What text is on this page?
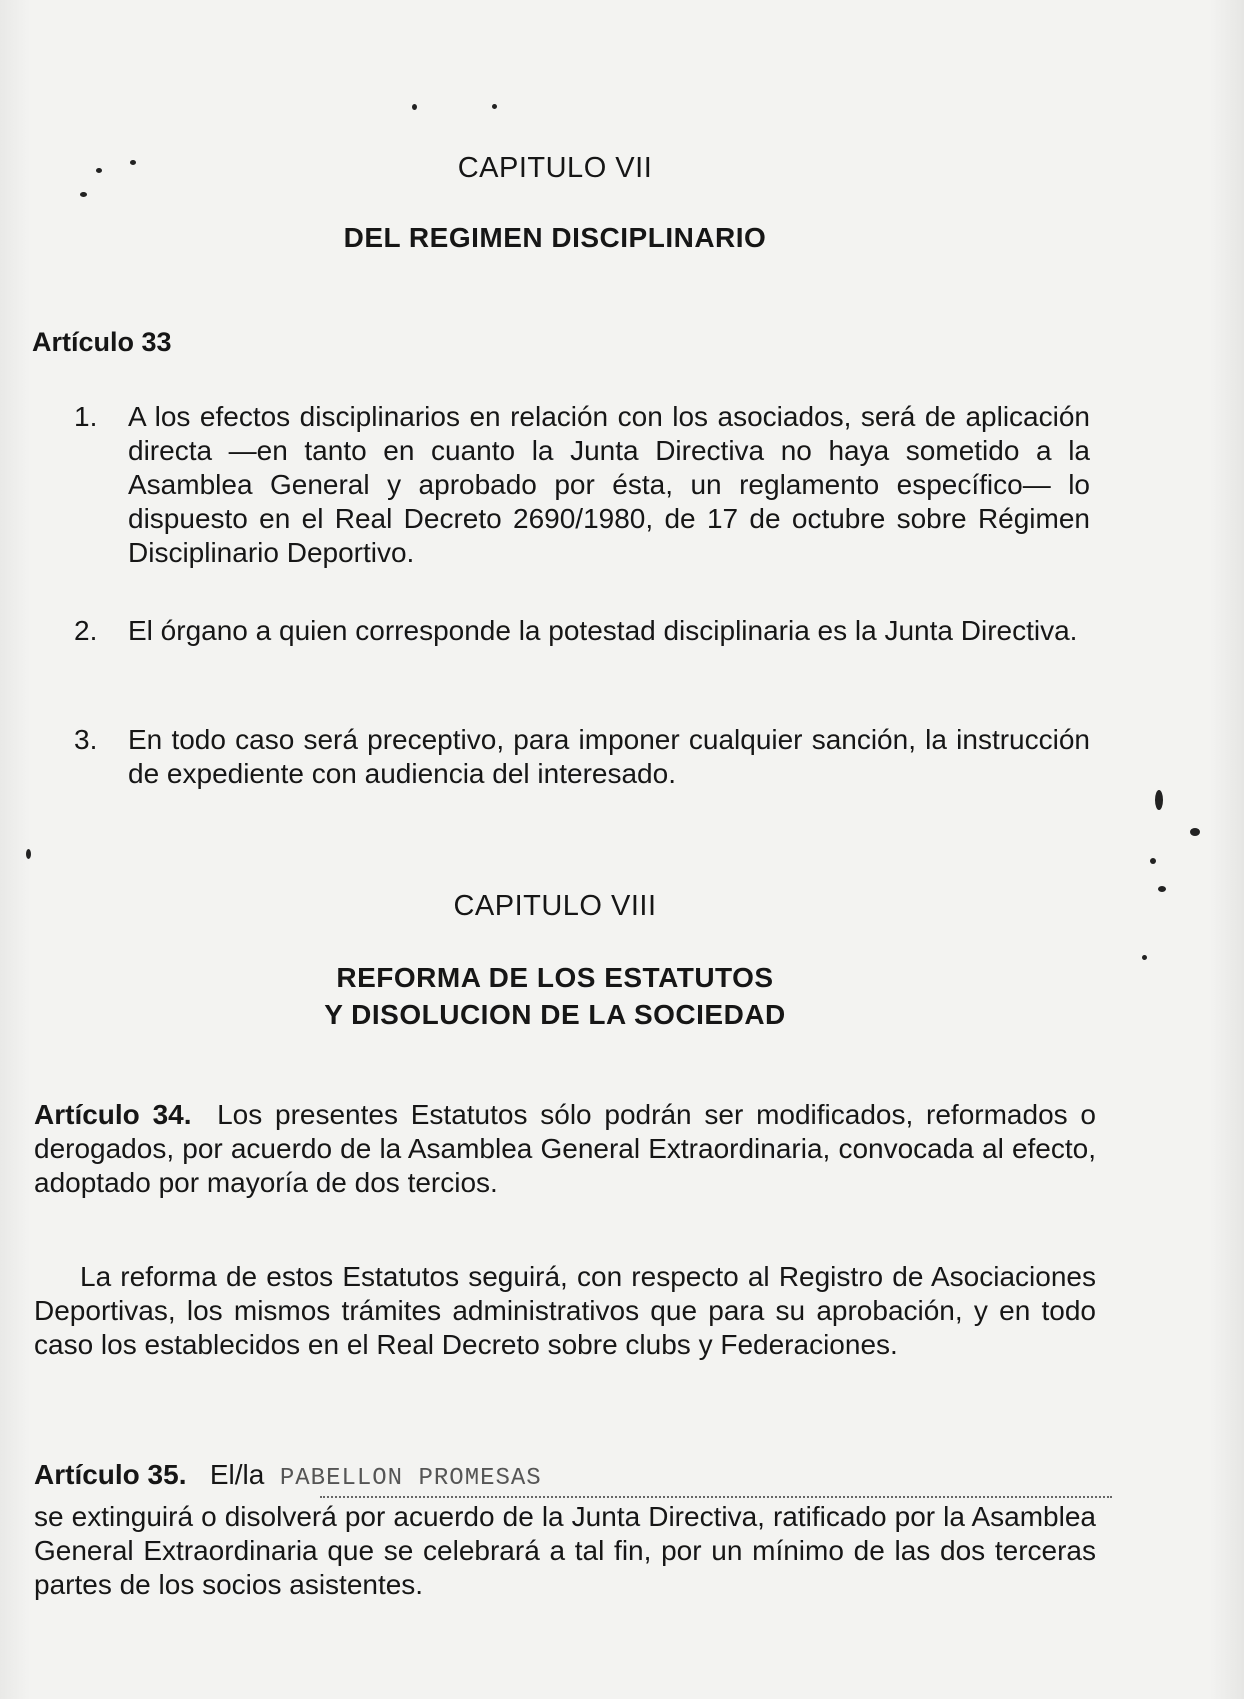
CAPITULO VII
DEL REGIMEN DISCIPLINARIO
Artículo 33
1. A los efectos disciplinarios en relación con los asociados, será de aplicación directa —en tanto en cuanto la Junta Directiva no haya sometido a la Asamblea General y aprobado por ésta, un reglamento específico— lo dispuesto en el Real Decreto 2690/1980, de 17 de octubre sobre Régimen Disciplinario Deportivo.
2. El órgano a quien corresponde la potestad disciplinaria es la Junta Directiva.
3. En todo caso será preceptivo, para imponer cualquier sanción, la instrucción de expediente con audiencia del interesado.
CAPITULO VIII
REFORMA DE LOS ESTATUTOS
Y DISOLUCION DE LA SOCIEDAD
Artículo 34. Los presentes Estatutos sólo podrán ser modificados, reformados o derogados, por acuerdo de la Asamblea General Extraordinaria, convocada al efecto, adoptado por mayoría de dos tercios.
La reforma de estos Estatutos seguirá, con respecto al Registro de Asociaciones Deportivas, los mismos trámites administrativos que para su aprobación, y en todo caso los establecidos en el Real Decreto sobre clubs y Federaciones.
Artículo 35. El/la PABELLON PROMESAS
se extinguirá o disolverá por acuerdo de la Junta Directiva, ratificado por la Asamblea General Extraordinaria que se celebrará a tal fin, por un mínimo de las dos terceras partes de los socios asistentes.
